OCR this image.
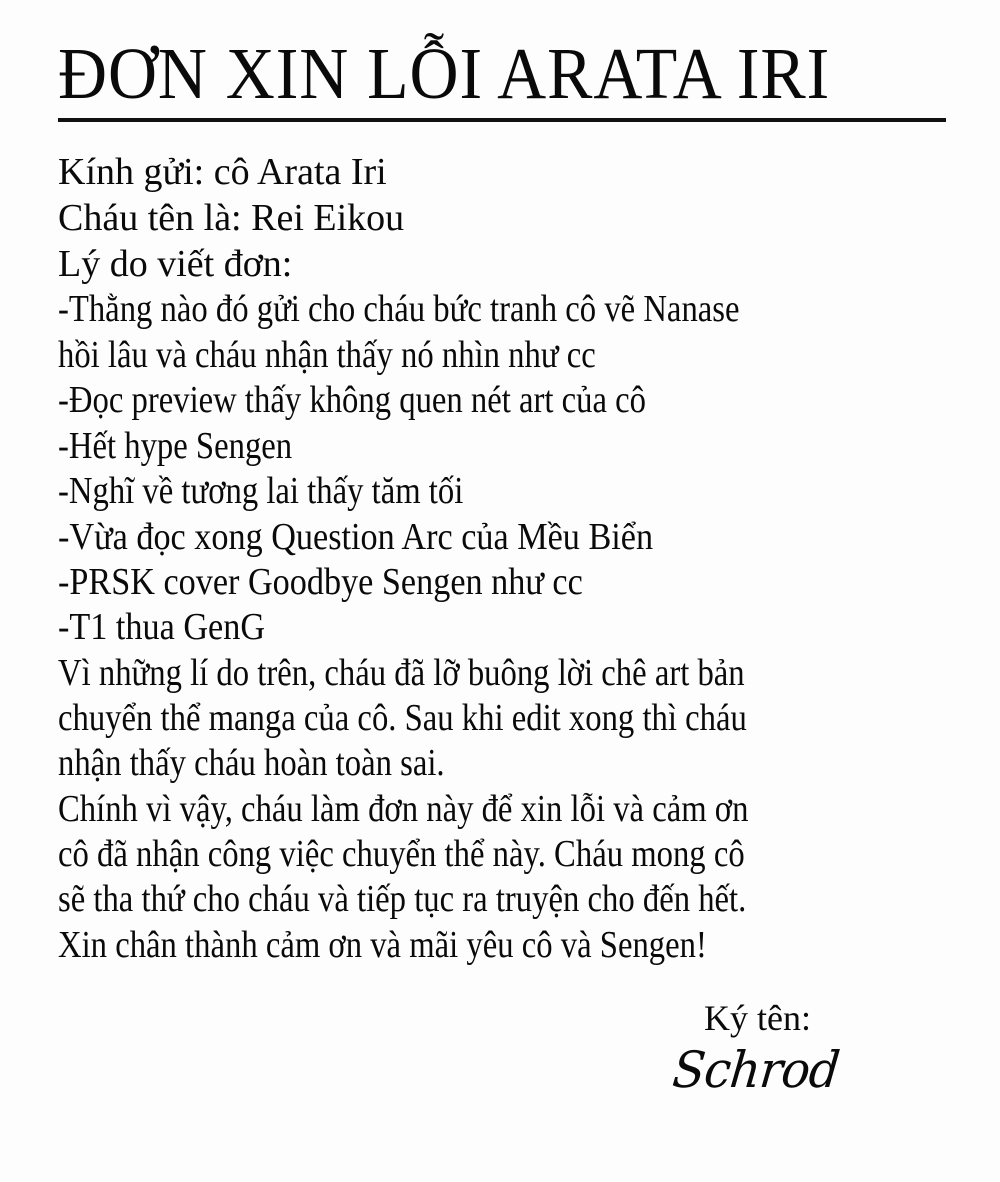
ĐƠN XIN LỖI ARATA IRI
Kính gửi: cô Arata Iri
Cháu tên là: Rei Eikou
Lý do viết đơn:
-Thằng nào đó gửi cho cháu bức tranh cô vẽ Nanase
hồi lâu và cháu nhận thấy nó nhìn như cc
-Đọc preview thấy không quen nét art của cô
-Hết hype Sengen
-Nghĩ về tương lai thấy tăm tối
-Vừa đọc xong Question Arc của Mều Biển
-PRSK cover Goodbye Sengen như cc
-T1 thua GenG
Vì những lí do trên, cháu đã lỡ buông lời chê art bản
chuyển thể manga của cô. Sau khi edit xong thì cháu
nhận thấy cháu hoàn toàn sai.
Chính vì vậy, cháu làm đơn này để xin lỗi và cảm ơn
cô đã nhận công việc chuyển thể này. Cháu mong cô
sẽ tha thứ cho cháu và tiếp tục ra truyện cho đến hết.
Xin chân thành cảm ơn và mãi yêu cô và Sengen!
Ký tên:
Schrod
